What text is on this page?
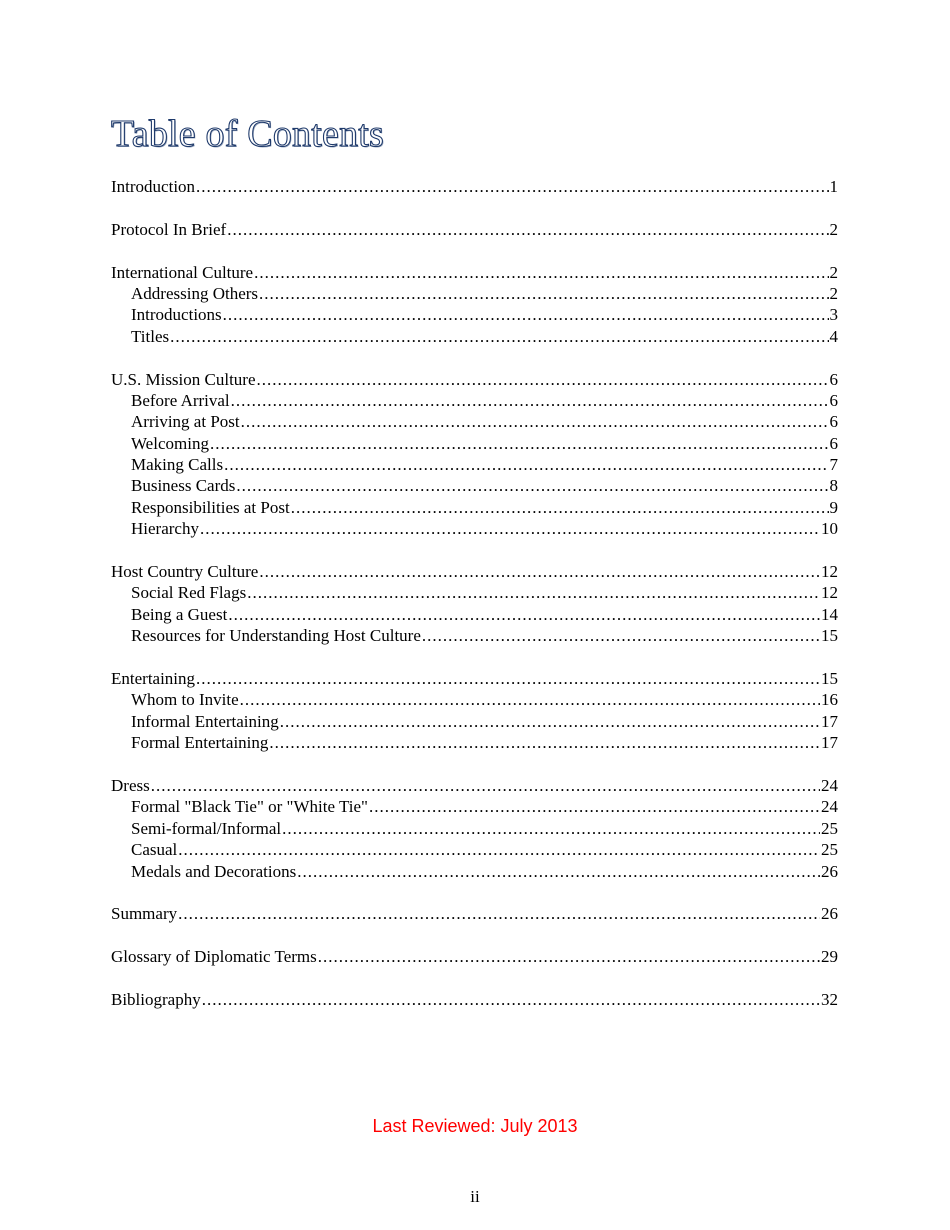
Table of Contents
Introduction .....	1
Protocol In Brief .....	2
International Culture .....	2
Addressing Others .....	2
Introductions .....	3
Titles .....	4
U.S. Mission Culture .....	6
Before Arrival .....	6
Arriving at Post .....	6
Welcoming .....	6
Making Calls .....	7
Business Cards .....	8
Responsibilities at Post .....	9
Hierarchy .....	10
Host Country Culture .....	12
Social Red Flags .....	12
Being a Guest .....	14
Resources for Understanding Host Culture .....	15
Entertaining .....	15
Whom to Invite .....	16
Informal Entertaining .....	17
Formal Entertaining .....	17
Dress .....	24
Formal "Black Tie" or "White Tie" .....	24
Semi-formal/Informal .....	25
Casual .....	25
Medals and Decorations .....	26
Summary .....	26
Glossary of Diplomatic Terms .....	29
Bibliography .....	32
Last Reviewed: July 2013
ii
